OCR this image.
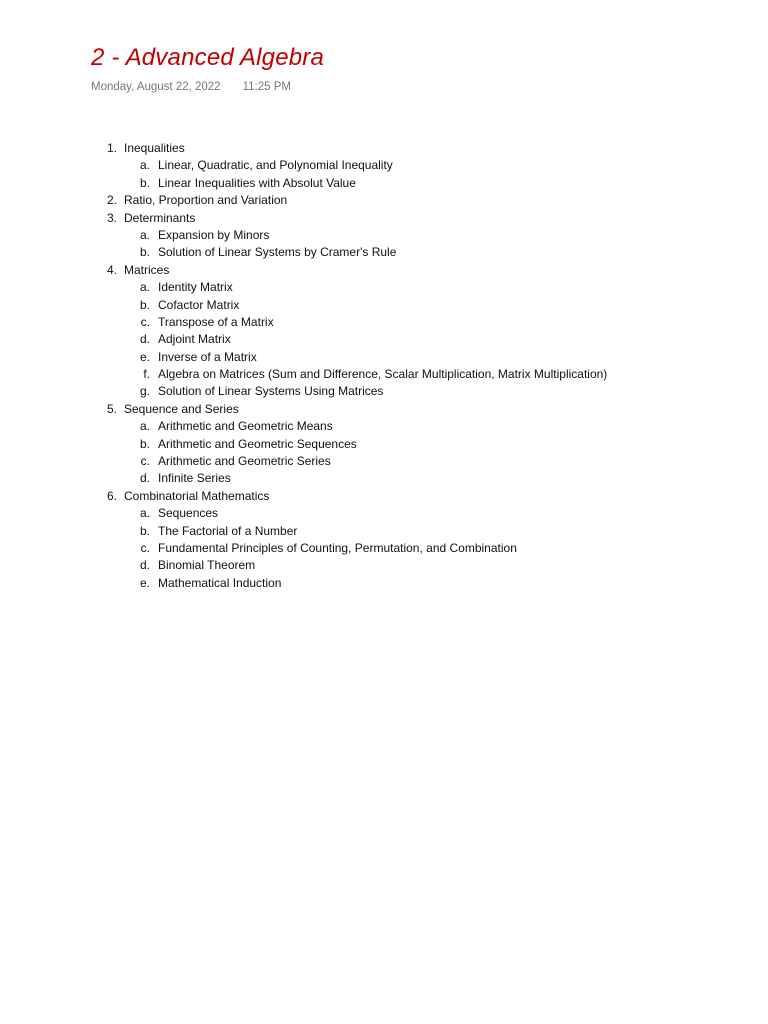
2 - Advanced Algebra
Monday, August 22, 2022 11:25 PM
1. Inequalities
a. Linear, Quadratic, and Polynomial Inequality
b. Linear Inequalities with Absolut Value
2. Ratio, Proportion and Variation
3. Determinants
a. Expansion by Minors
b. Solution of Linear Systems by Cramer's Rule
4. Matrices
a. Identity Matrix
b. Cofactor Matrix
c. Transpose of a Matrix
d. Adjoint Matrix
e. Inverse of a Matrix
f. Algebra on Matrices (Sum and Difference, Scalar Multiplication, Matrix Multiplication)
g. Solution of Linear Systems Using Matrices
5. Sequence and Series
a. Arithmetic and Geometric Means
b. Arithmetic and Geometric Sequences
c. Arithmetic and Geometric Series
d. Infinite Series
6. Combinatorial Mathematics
a. Sequences
b. The Factorial of a Number
c. Fundamental Principles of Counting, Permutation, and Combination
d. Binomial Theorem
e. Mathematical Induction
